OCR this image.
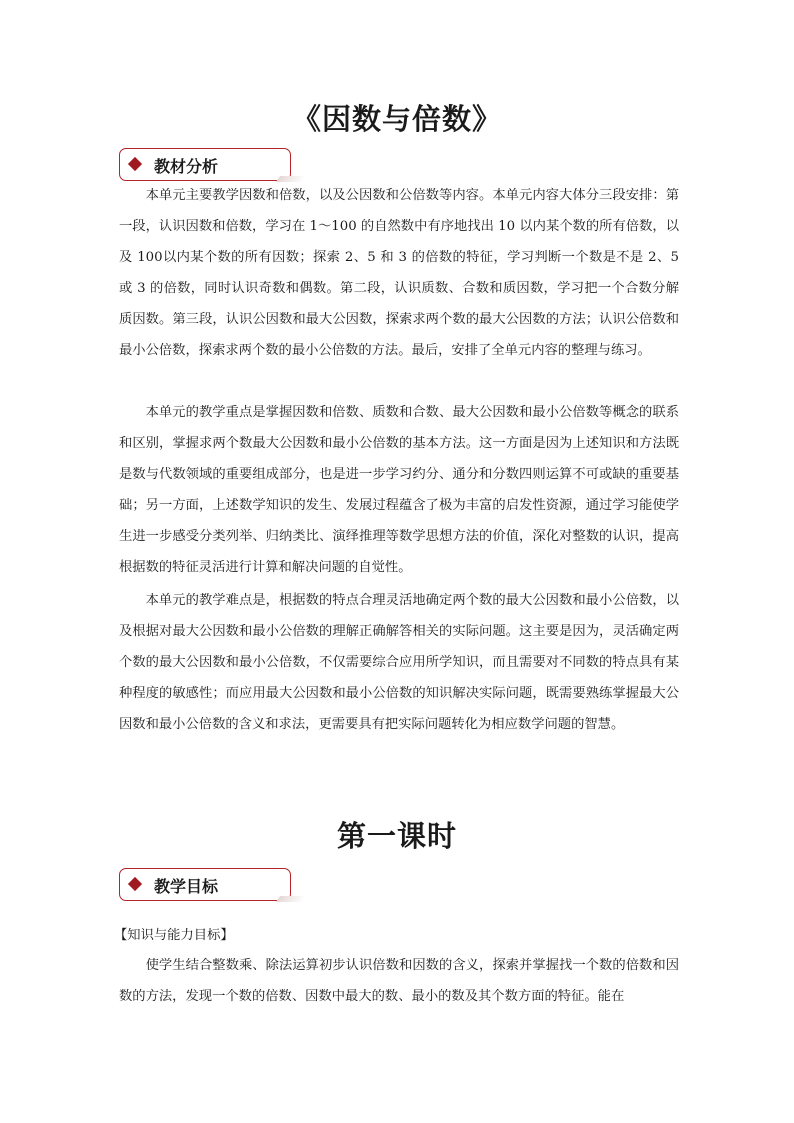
《因数与倍数》
教材分析

本单元主要教学因数和倍数，以及公因数和公倍数等内容。本单元内容大体分三段安排：第一段，认识因数和倍数，学习在 1～100 的自然数中有序地找出 10 以内某个数的所有倍数，以及 100以内某个数的所有因数；探索 2、5 和 3 的倍数的特征，学习判断一个数是不是 2、5 或 3 的倍数，同时认识奇数和偶数。第二段，认识质数、合数和质因数，学习把一个合数分解质因数。第三段，认识公因数和最大公因数，探索求两个数的最大公因数的方法；认识公倍数和最小公倍数，探索求两个数的最小公倍数的方法。最后，安排了全单元内容的整理与练习。

本单元的教学重点是掌握因数和倍数、质数和合数、最大公因数和最小公倍数等概念的联系和区别，掌握求两个数最大公因数和最小公倍数的基本方法。这一方面是因为上述知识和方法既是数与代数领域的重要组成部分，也是进一步学习约分、通分和分数四则运算不可或缺的重要基础；另一方面，上述数学知识的发生、发展过程蕴含了极为丰富的启发性资源，通过学习能使学生进一步感受分类列举、归纳类比、演绎推理等数学思想方法的价值，深化对整数的认识，提高根据数的特征灵活进行计算和解决问题的自觉性。

本单元的教学难点是，根据数的特点合理灵活地确定两个数的最大公因数和最小公倍数，以及根据对最大公因数和最小公倍数的理解正确解答相关的实际问题。这主要是因为，灵活确定两个数的最大公因数和最小公倍数，不仅需要综合应用所学知识，而且需要对不同数的特点具有某种程度的敏感性；而应用最大公因数和最小公倍数的知识解决实际问题，既需要熟练掌握最大公因数和最小公倍数的含义和求法，更需要具有把实际问题转化为相应数学问题的智慧。

第一课时
教学目标

【知识与能力目标】

使学生结合整数乘、除法运算初步认识倍数和因数的含义，探索并掌握找一个数的倍数和因数的方法，发现一个数的倍数、因数中最大的数、最小的数及其个数方面的特征。能在
